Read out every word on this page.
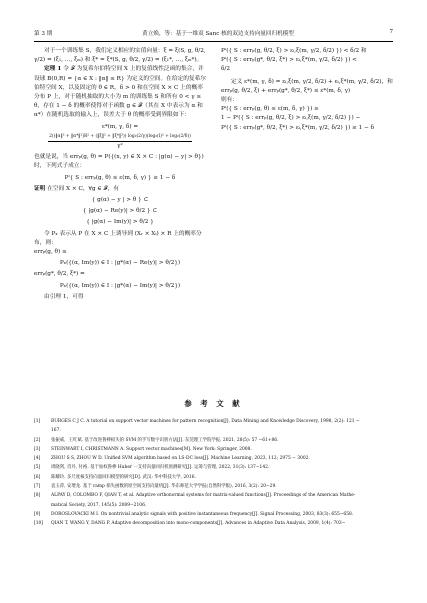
第 3 期	黄立焕，等：基于一维双 Sanc 核的双边支持向量回归机模型	7

对于一个训练集 S，我们定义相应的实值向量：ξ = ξ(S, g, θ/2, γ/2) = (ξ₁, …, ξₘ) 和 ξ* = ξ*(S, g, θ/2, γ/2) = (ξ₁*, …, ξₘ*)。

定理 1 令 𝓕 为复希尔伯特空间 X 上的复值线性泛函的集合，并设球 B(0,R) = {α ∈ X : ‖α‖ ≤ R} 为定义的空间。在给定的复希尔伯特空间 X，以及固定的 θ ∈ R，δ > 0 和在空间 X × C 上的概率分布 P 上，对于随机抽取的大小为 m 的训练集 S 和所有 0 < γ ≤ θ，存在 1 − δ 的概率使得对于函数 g ∈ 𝓕（其在 X 中表示为 α 和 α*）在随机选取的输入上，误差大于 θ 的概率受到界限如下：

ε*(m, γ, δ) =
2((‖α‖² + ‖α*‖²)R² + (‖ξ‖² + ‖ξ*‖²)) log₂(2/γ)(log₂(l)² + log₂(2/δ))
γ²

也就是说，当 errₚ(g, θ) = P({(x, y) ∈ X × C : |g(α) − y| > θ}) 时，下列式子成立：

Pˡ{ S : errₚ(g, θ) ≤ ε(m, δ, γ) } ≥ 1 − δ

证明 在空间 X × C，∀g ∈ 𝓕，有

{ g(α) − y | > θ } ⊂

{ |g(α) − Re(y)| > θ/2 } ⊂

{ |g(α) − Im(y)| > θ/2 }

令 Pₓ 表示从 P 在 X × C 上诱导到 (Xᵣ × Xᵢ) × R 上的概率分布，则：

errₚ(g, θ) ≤

Pₓ({(α, Im(y)) ∈ I : |g*(α) − Re(y)| > θ/2})

errₚ(g*, θ/2, ξ*) =

Pₓ({(α, Im(y)) ∈ I : |g*(α) − Im(y)| > θ/2})

由引理 1，可得

Pˡ({ S : errₚ(g, θ/2, ξ) > εᵢ,ξ(m, γ/2, δ/2) }) < δ/2 和

Pˡ({ S : errₚ(g*, θ/2, ξ*) > εᵢ,ξ*(m, γ/2, δ/2) }) <

δ/2

定义 ε*(m, γ, δ) = εᵢ,ξ(m, γ/2, δ/2) + εᵢ,ξ*(m, γ/2, δ/2)，和 errₚ(g, θ/2, ξ) + errₚ(g*, θ/2, ξ*) ≤ ε*(m, δ, γ)

则有：

Pˡ({ S : errₚ(g, θ) ≤ ε(m, δ, γ) }) ≥

1 − Pˡ({ S : errₚ(g, θ/2, ξ) > εᵢ,ξ(m, γ/2, δ/2) }) −

Pˡ({ S : errₚ(g*, θ/2, ξ*) > εᵢ,ξ*(m, γ/2, δ/2) }) ≥ 1 − δ

参 考 文 献
[1] BURGES C J C. A tutorial on support vector machines for pattern recognition[J]. Data Mining and Knowledge Discovery, 1998, 2(2): 121 −
167.
[2] 张振威，王红斌. 基于改进鲁棒损失的 SVM 的手写数字识别方法[J]. 东莞理工学院学报, 2021, 28(5): 57 −61+86.
[3] STEINWART I, CHRISTMANN A. Support vector machines[M]. New York: Springer, 2008.
[4] ZHOU S S, ZHOU W D. Unified SVM algorithm based on LS-DC loss[J]. Machine Learning, 2023, 112; 2975 − 3002.
[5] 周晓剑, 肖丹, 付裕. 基于加权鲁棒 Huber 一支持向量回归机预测研究[J]. 运筹与管理, 2022, 31(3): 137−142.
[6] 陈耀玲. 多尺度核支持向量回归模型的研究[D]. 武汉: 华中科技大学, 2016.
[7] 袁玉萍, 安增龙. 基于 ramp 损失函数的原空间支持向量机[J]. 华东师范大学学报(自然科学版), 2016, 3(2): 20−29.
[8] ALPAY D, COLOMBO F, QIAN T, et al. Adaptive orthonormal systems for matrix-valued functions[J]. Proceedings of the American Mathe-
matical Society, 2017, 145(5): 2089−2106.
[9] DOROSLOVACKI M I. On nontrivial analytic signals with positive instantaneous frequency[J]. Signal Processing, 2003, 83(3): 655−658.
[10] QIAN T, WANG Y, DANG P. Adaptive decomposition into mono-components[J]. Advances in Adaptive Data Analysis, 2009, 1(4): 703−
